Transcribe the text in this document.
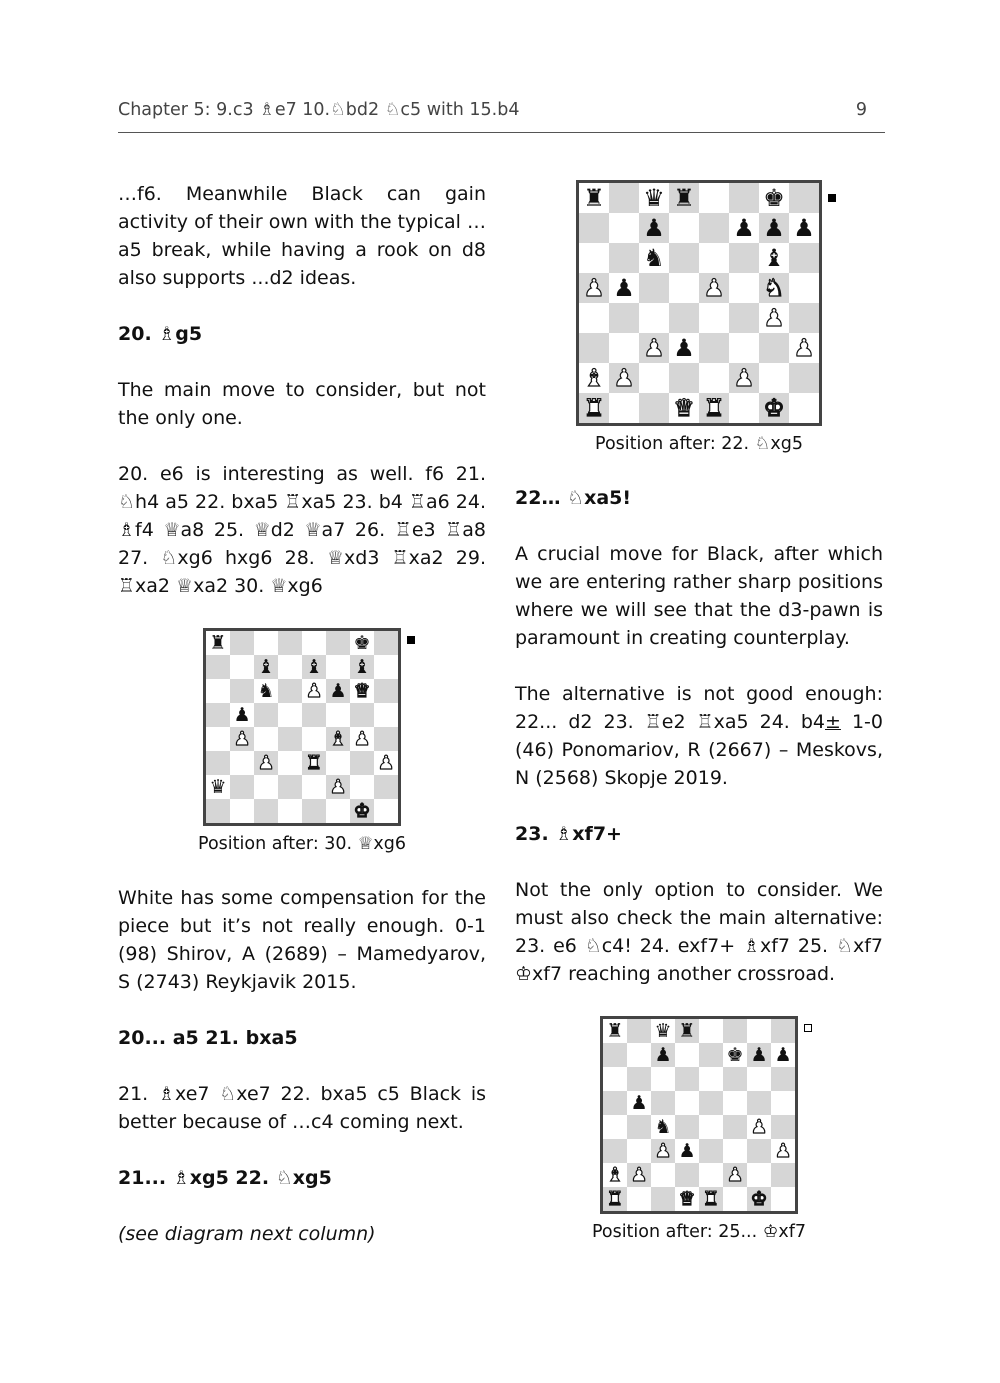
Chapter 5: 9.c3 ♗e7 10.♘bd2 ♘c5 with 15.b4	9

…f6. Meanwhile Black can gain activity of their own with the typical …a5 break, while having a rook on d8 also supports ...d2 ideas.

20. ♗g5

The main move to consider, but not the only one.

20. e6 is interesting as well. f6 21. ♘h4 a5 22. bxa5 ♖xa5 23. b4 ♖a6 24. ♗f4 ♕a8 25. ♕d2 ♕a7 26. ♖e3 ♖a8 27. ♘xg6 hxg6 28. ♕xd3 ♖xa2 29. ♖xa2 ♕xa2 30. ♕xg6

♜	♚
♝ ♝ ♝
♞ ♟ ♟ ♛
♟
♟	♝ ♟
♟ ♜	♟
♛	♟
♚
Position after: 30. ♕xg6

White has some compensation for the piece but it’s not really enough. 0-1 (98) Shirov, A (2689) – Mamedyarov, S (2743) Reykjavik 2015.

20... a5 21. bxa5

21. ♗xe7 ♘xe7 22. bxa5 c5 Black is better because of …c4 coming next.

21... ♗xg5 22. ♘xg5

(see diagram next column)

♜ ♛ ♜	♚
♟	♟ ♟ ♟
♞	♝
♟ ♟	♟ ♞
♟
♟ ♟	♟
♝ ♟	♟
♜	♛ ♜ ♚
Position after: 22. ♘xg5

22… ♘xa5!

A crucial move for Black, after which we are entering rather sharp positions where we will see that the d3-pawn is paramount in creating counterplay.

The alternative is not good enough: 22... d2 23. ♖e2 ♖xa5 24. b4± 1-0 (46) Ponomariov, R (2667) – Meskovs, N (2568) Skopje 2019.

23. ♗xf7+

Not the only option to consider. We must also check the main alternative: 23. e6 ♘c4! 24. exf7+ ♗xf7 25. ♘xf7 ♔xf7 reaching another crossroad.

♜ ♛ ♜
♟	♚ ♟ ♟
♟
♞	♟
♟ ♟	♟
♝ ♟	♟
♜	♛ ♜ ♚
Position after: 25... ♔xf7
